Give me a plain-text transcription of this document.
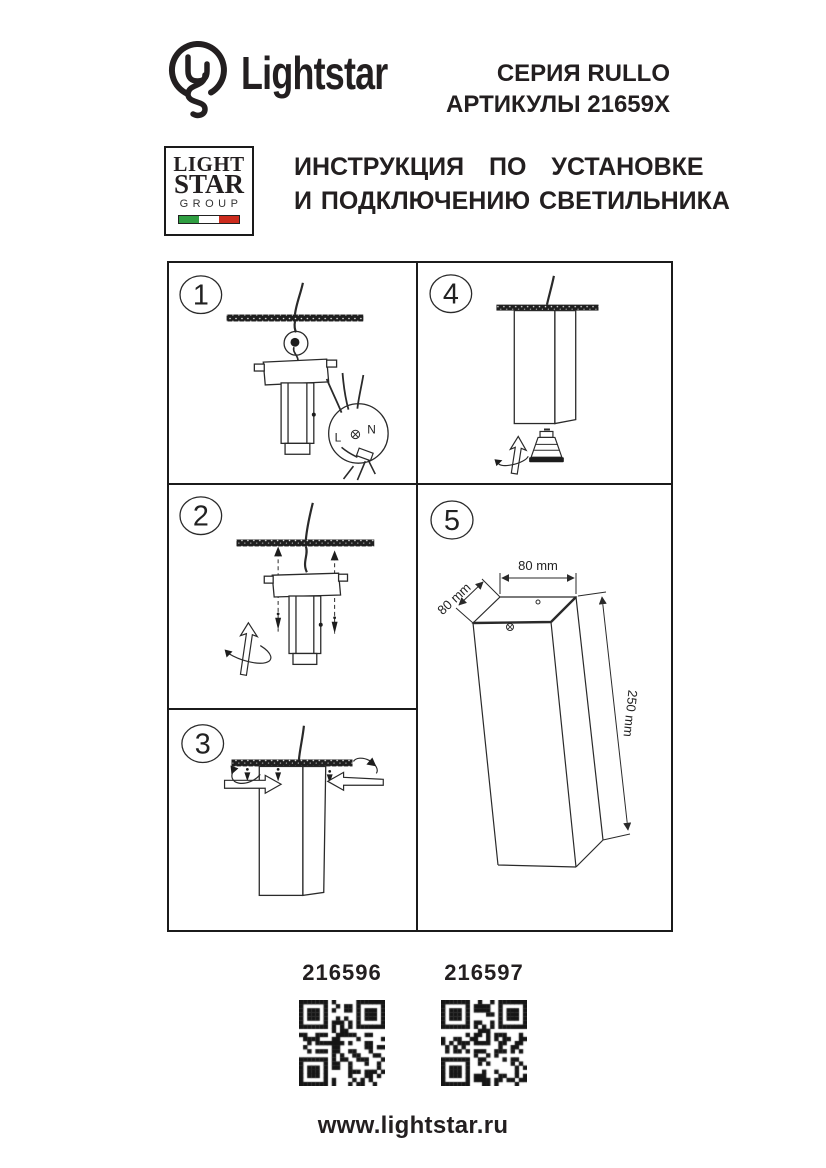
Lightstar	СЕРИЯ RULLO
АРТИКУЛЫ 21659X
LIGHT
STAR
GROUP
ИНСТРУКЦИЯ ПО УСТАНОВКЕ
И ПОДКЛЮЧЕНИЮ СВЕТИЛЬНИКА
L
N
1
2
3
4
80 mm
80 mm
250 mm
5
216596	216597
www.lightstar.ru
